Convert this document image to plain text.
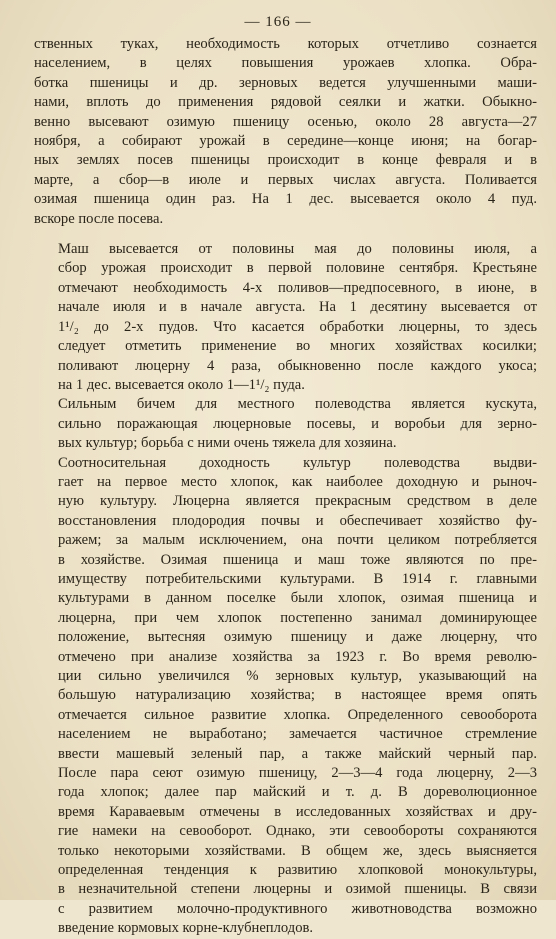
— 166 —

ственных туках, необходимость которых отчетливо сознается
населением, в целях повышения урожаев хлопка. Обра-
ботка пшеницы и др. зерновых ведется улучшенными маши-
нами, вплоть до применения рядовой сеялки и жатки. Обыкно-
венно высевают озимую пшеницу осенью, около 28 августа—27
ноября, а собирают урожай в середине—конце июня; на богар-
ных землях посев пшеницы происходит в конце февраля и в
марте, а сбор—в июле и первых числах августа. Поливается
озимая пшеница один раз. На 1 дес. высевается около 4 пуд.
вскоре после посева.

Маш высевается от половины мая до половины июля, а
сбор урожая происходит в первой половине сентября. Крестьяне
отмечают необходимость 4-х поливов—предпосевного, в июне, в
начале июля и в начале августа. На 1 десятину высевается от
1¹/₂ до 2-х пудов. Что касается обработки люцерны, то здесь
следует отметить применение во многих хозяйствах косилки;
поливают люцерну 4 раза, обыкновенно после каждого укоса;
на 1 дес. высевается около 1—1¹/₂ пуда.

Сильным бичем для местного полеводства является кускута,
сильно поражающая люцерновые посевы, и воробьи для зерно-
вых культур; борьба с ними очень тяжела для хозяина.

Соотносительная доходность культур полеводства выдви-
гает на первое место хлопок, как наиболее доходную и рыноч-
ную культуру. Люцерна является прекрасным средством в деле
восстановления плодородия почвы и обеспечивает хозяйство фу-
ражем; за малым исключением, она почти целиком потребляется
в хозяйстве. Озимая пшеница и маш тоже являются по пре-
имуществу потребительскими культурами. В 1914 г. главными
культурами в данном поселке были хлопок, озимая пшеница и
люцерна, при чем хлопок постепенно занимал доминирующее
положение, вытесняя озимую пшеницу и даже люцерну, что
отмечено при анализе хозяйства за 1923 г. Во время револю-
ции сильно увеличился % зерновых культур, указывающий на
большую натурализацию хозяйства; в настоящее время опять
отмечается сильное развитие хлопка. Определенного севооборота
населением не выработано; замечается частичное стремление
ввести машевый зеленый пар, а также майский черный пар.
После пара сеют озимую пшеницу, 2—3—4 года люцерну, 2—3
года хлопок; далее пар майский и т. д. В дореволюционное
время Караваевым отмечены в исследованных хозяйствах и дру-
гие намеки на севооборот. Однако, эти севообороты сохраняются
только некоторыми хозяйствами. В общем же, здесь выясняется
определенная тенденция к развитию хлопковой монокультуры,
в незначительной степени люцерны и озимой пшеницы. В связи
с развитием молочно-продуктивного животноводства возможно
введение кормовых корне-клубнеплодов.
